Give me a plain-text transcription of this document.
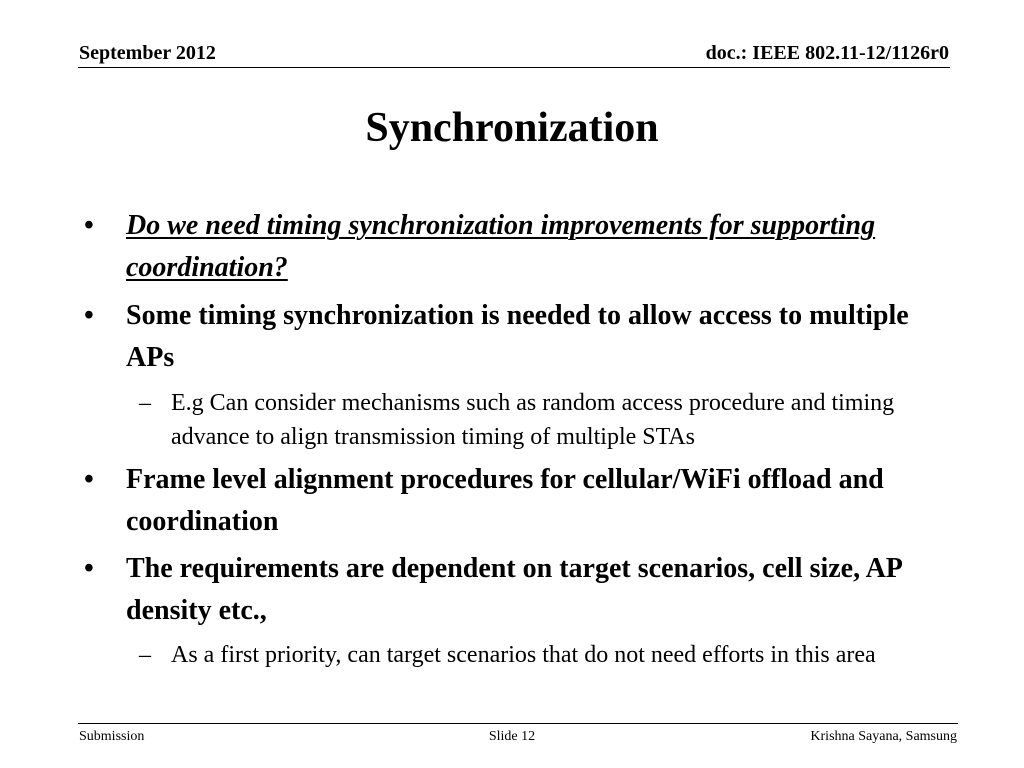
September 2012	doc.: IEEE 802.11-12/1126r0
Synchronization
• Do we need timing synchronization improvements for supporting coordination?
• Some timing synchronization is needed to allow access to multiple APs
– E.g Can consider mechanisms such as random access procedure and timing advance to align transmission timing of multiple STAs
• Frame level alignment procedures for cellular/WiFi offload and coordination
• The requirements are dependent on target scenarios, cell size, AP density etc.,
– As a first priority, can target scenarios that do not need efforts in this area
Submission	Slide 12	Krishna Sayana, Samsung
